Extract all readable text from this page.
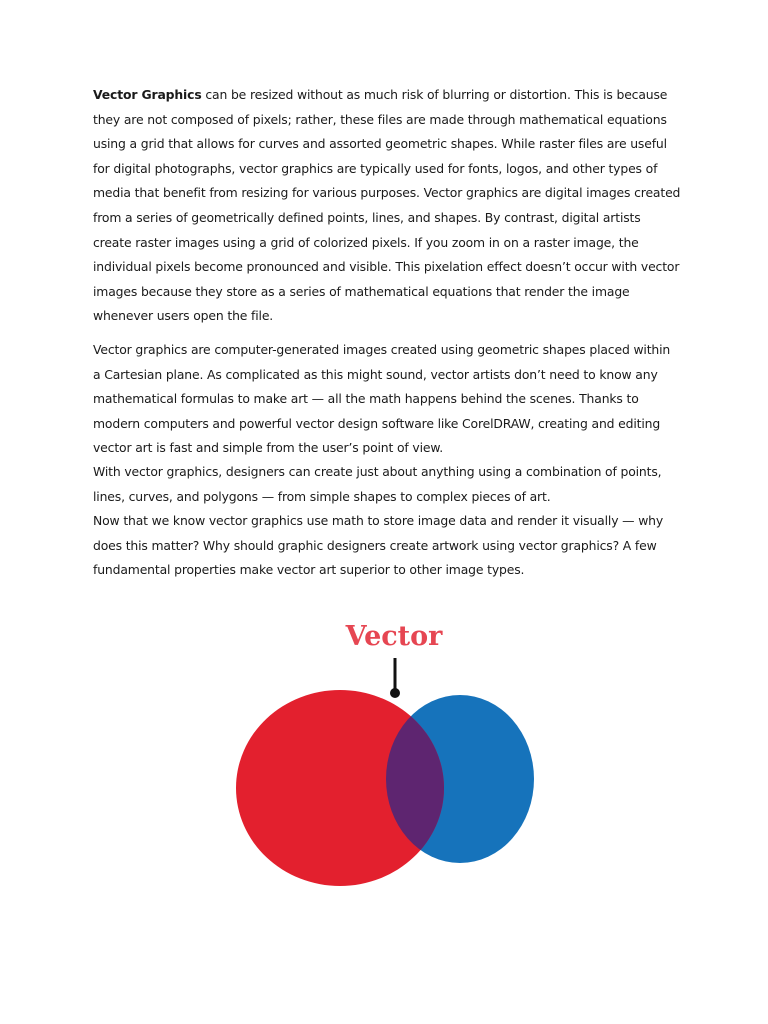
Vector Graphics can be resized without as much risk of blurring or distortion. This is because they are not composed of pixels; rather, these files are made through mathematical equations using a grid that allows for curves and assorted geometric shapes. While raster files are useful for digital photographs, vector graphics are typically used for fonts, logos, and other types of media that benefit from resizing for various purposes. Vector graphics are digital images created from a series of geometrically defined points, lines, and shapes. By contrast, digital artists create raster images using a grid of colorized pixels. If you zoom in on a raster image, the individual pixels become pronounced and visible. This pixelation effect doesn’t occur with vector images because they store as a series of mathematical equations that render the image whenever users open the file.

Vector graphics are computer-generated images created using geometric shapes placed within a Cartesian plane. As complicated as this might sound, vector artists don’t need to know any mathematical formulas to make art — all the math happens behind the scenes. Thanks to modern computers and powerful vector design software like CorelDRAW, creating and editing vector art is fast and simple from the user’s point of view.

With vector graphics, designers can create just about anything using a combination of points, lines, curves, and polygons — from simple shapes to complex pieces of art.

Now that we know vector graphics use math to store image data and render it visually — why does this matter? Why should graphic designers create artwork using vector graphics? A few fundamental properties make vector art superior to other image types.

Vector
